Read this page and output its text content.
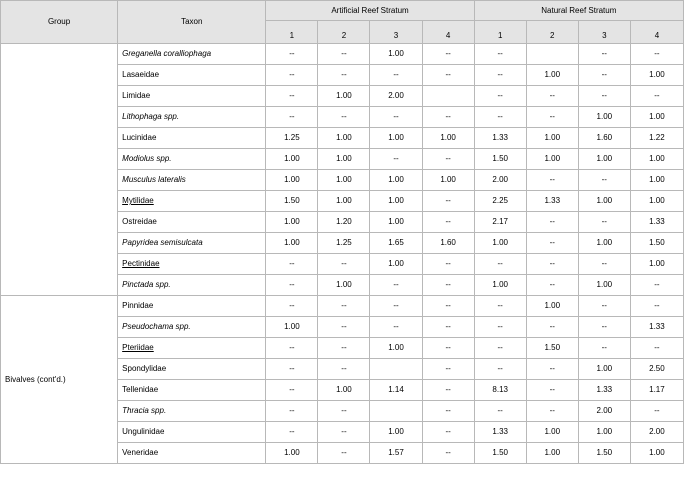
Group	Taxon	Artificial Reef Stratum				Natural Reef Stratum			
		1	2	3	4	1	2	3	4
	Greganella coralliophaga	--	--	1.00	--	--		--	--
	Lasaeidae	--	--	--	--	--	1.00	--	1.00
	Limidae	--	1.00	2.00		--	--	--	--
	Lithophaga spp.	--	--	--	--	--	--	1.00	1.00
	Lucinidae	1.25	1.00	1.00	1.00	1.33	1.00	1.60	1.22
	Modiolus spp.	1.00	1.00	--	--	1.50	1.00	1.00	1.00
	Musculus lateralis	1.00	1.00	1.00	1.00	2.00	--	--	1.00
	Mytilidae	1.50	1.00	1.00	--	2.25	1.33	1.00	1.00
	Ostreidae	1.00	1.20	1.00	--	2.17	--	--	1.33
	Papyridea semisulcata	1.00	1.25	1.65	1.60	1.00	--	1.00	1.50
	Pectinidae	--	--	1.00	--	--	--	--	1.00
	Pinctada spp.	--	1.00	--	--	1.00	--	1.00	--
Bivalves (cont'd.)	Pinnidae	--	--	--	--	--	1.00	--	--
	Pseudochama spp.	1.00	--	--	--	--	--	--	1.33
	Pteriidae	--	--	1.00	--	--	1.50	--	--
	Spondylidae	--	--		--	--	--	1.00	2.50
	Tellenidae	--	1.00	1.14	--	8.13	--	1.33	1.17
	Thracia spp.	--	--		--	--	--	2.00	--
	Ungulinidae	--	--	1.00	--	1.33	1.00	1.00	2.00
	Veneridae	1.00	--	1.57	--	1.50	1.00	1.50	1.00
